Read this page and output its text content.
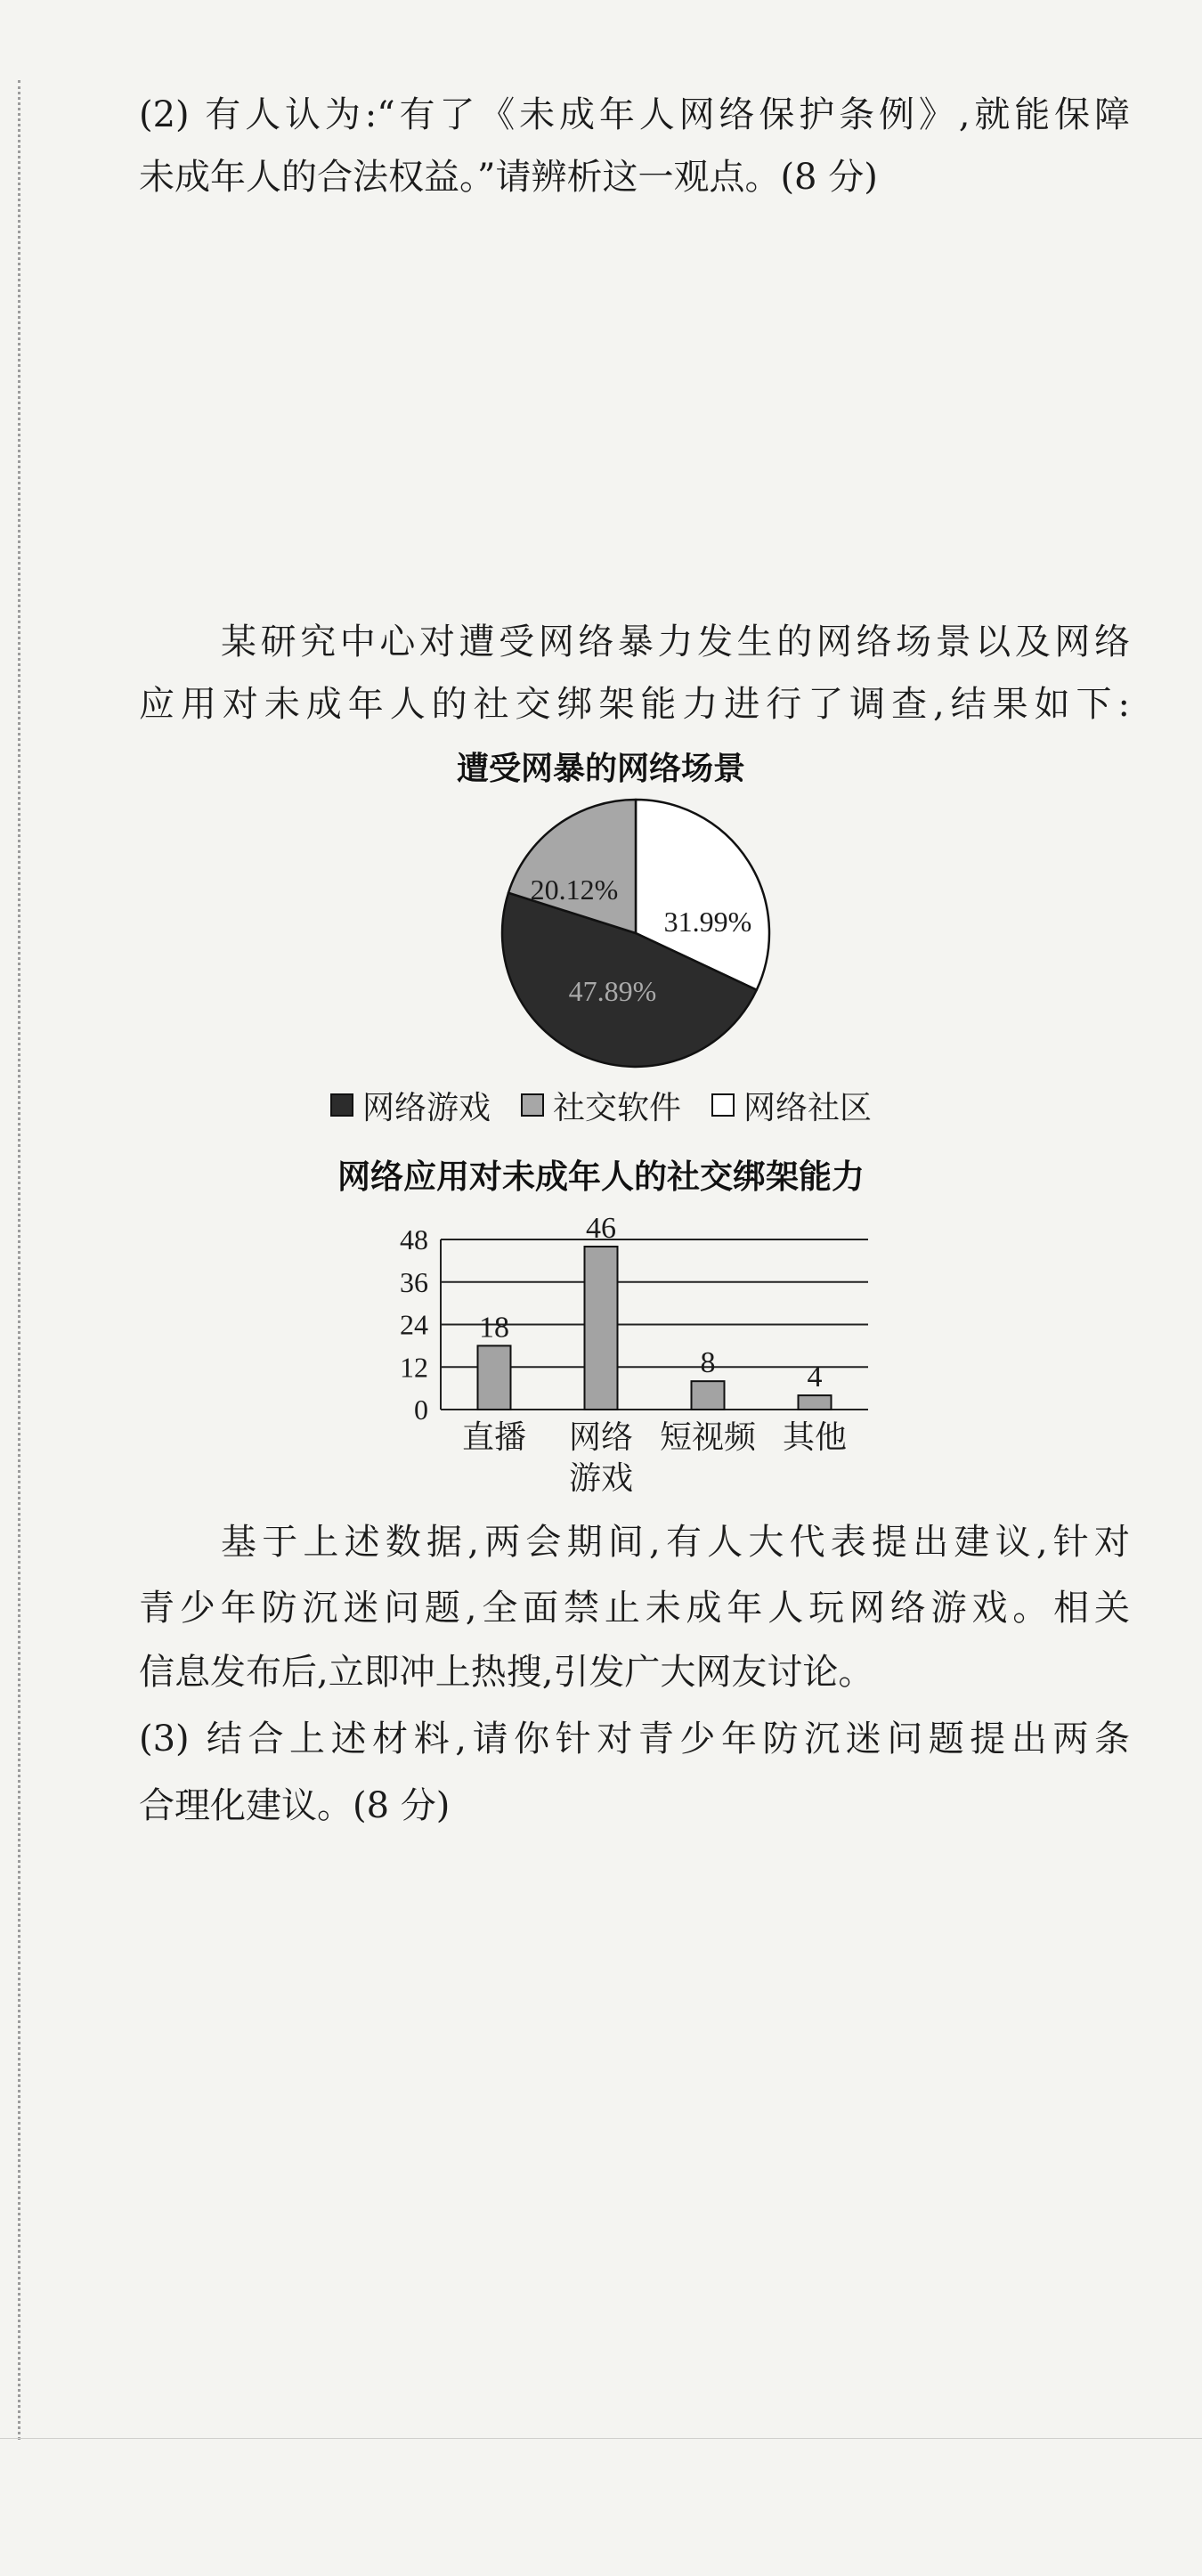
(2) 有人认为:“有了《未成年人网络保护条例》,就能保障
未成年人的合法权益。”请辨析这一观点。(8 分)
某研究中心对遭受网络暴力发生的网络场景以及网络
应用对未成年人的社交绑架能力进行了调查,结果如下:
遭受网暴的网络场景
网络游戏 社交软件 网络社区
网络应用对未成年人的社交绑架能力
31.99%
47.89%
20.12%
0
12
24
36
48
18
直播
46
网络
游戏
8
短视频
4
其他
基于上述数据,两会期间,有人大代表提出建议,针对
青少年防沉迷问题,全面禁止未成年人玩网络游戏。相关
信息发布后,立即冲上热搜,引发广大网友讨论。
(3) 结合上述材料,请你针对青少年防沉迷问题提出两条
合理化建议。(8 分)
